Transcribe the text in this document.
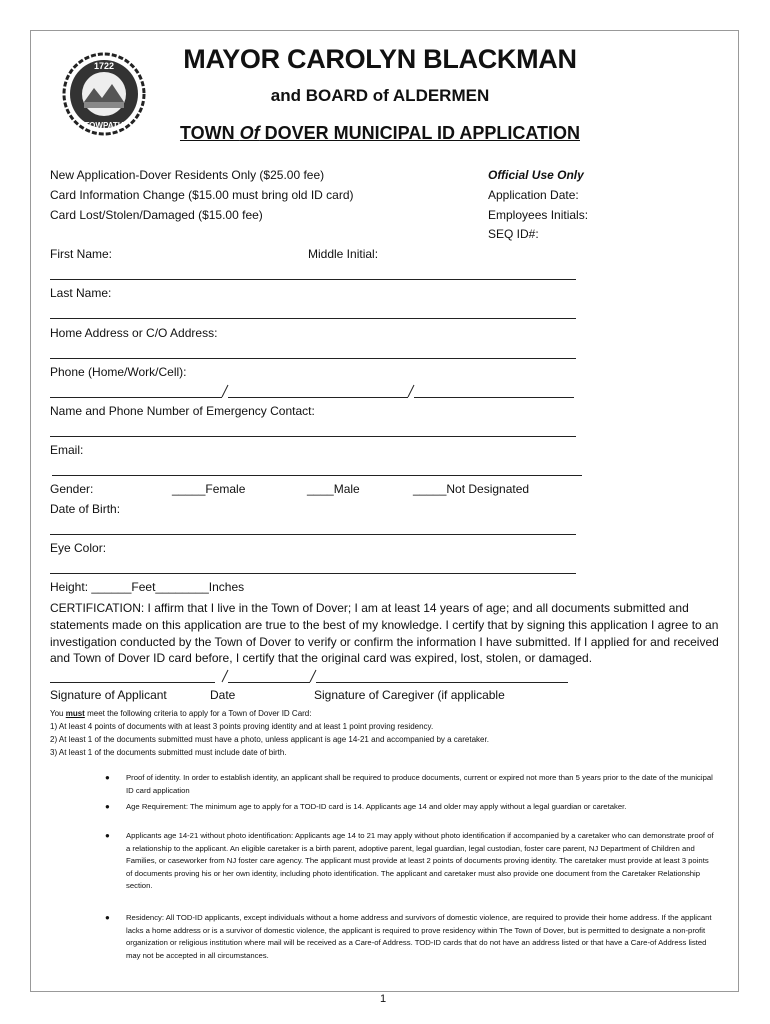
1722
TOWPATH
MAYOR CAROLYN BLACKMAN
and BOARD of ALDERMEN
TOWN Of DOVER MUNICIPAL ID APPLICATION
New Application-Dover Residents Only ($25.00 fee)
Card Information Change ($15.00 must bring old ID card)
Card Lost/Stolen/Damaged ($15.00 fee)
Official Use Only
Application Date:
Employees Initials:
SEQ ID#:
First Name:	Middle Initial:
Last Name:
Home Address or C/O Address:
Phone (Home/Work/Cell):
Name and Phone Number of Emergency Contact:
Email:
Gender:	_____Female	____Male	_____Not Designated
Date of Birth:
Eye Color:
Height: ______Feet________Inches
CERTIFICATION: I affirm that I live in the Town of Dover; I am at least 14 years of age; and all documents submitted and statements made on this application are true to the best of my knowledge. I certify that by signing this application I agree to an investigation conducted by the Town of Dover to verify or confirm the information I have submitted. If I applied for and received and Town of Dover ID card before, I certify that the original card was expired, lost, stolen, or damaged.
Signature of Applicant	Date	Signature of Caregiver (if applicable
You must meet the following criteria to apply for a Town of Dover ID Card:
1) At least 4 points of documents with at least 3 points proving identity and at least 1 point proving residency.
2) At least 1 of the documents submitted must have a photo, unless applicant is age 14-21 and accompanied by a caretaker.
3) At least 1 of the documents submitted must include date of birth.
● Proof of identity. In order to establish identity, an applicant shall be required to produce documents, current or expired not more than 5 years prior to the date of the municipal ID card application
● Age Requirement: The minimum age to apply for a TOD-ID card is 14. Applicants age 14 and older may apply without a legal guardian or caretaker.
● Applicants age 14-21 without photo identification: Applicants age 14 to 21 may apply without photo identification if accompanied by a caretaker who can demonstrate proof of a relationship to the applicant. An eligible caretaker is a birth parent, adoptive parent, legal guardian, legal custodian, foster care parent, NJ Department of Children and Families, or caseworker from NJ foster care agency. The applicant must provide at least 2 points of documents proving identity. The caretaker must provide at least 3 points of documents proving his or her own identity, including photo identification. The applicant and caretaker must also provide one document from the Caretaker Relationship section.
● Residency: All TOD-ID applicants, except individuals without a home address and survivors of domestic violence, are required to provide their home address. If the applicant lacks a home address or is a survivor of domestic violence, the applicant is required to prove residency within The Town of Dover, but is permitted to designate a non-profit organization or religious institution where mail will be received as a Care-of Address. TOD-ID cards that do not have an address listed or that have a Care-of Address listed may not be accepted in all circumstances.
1
